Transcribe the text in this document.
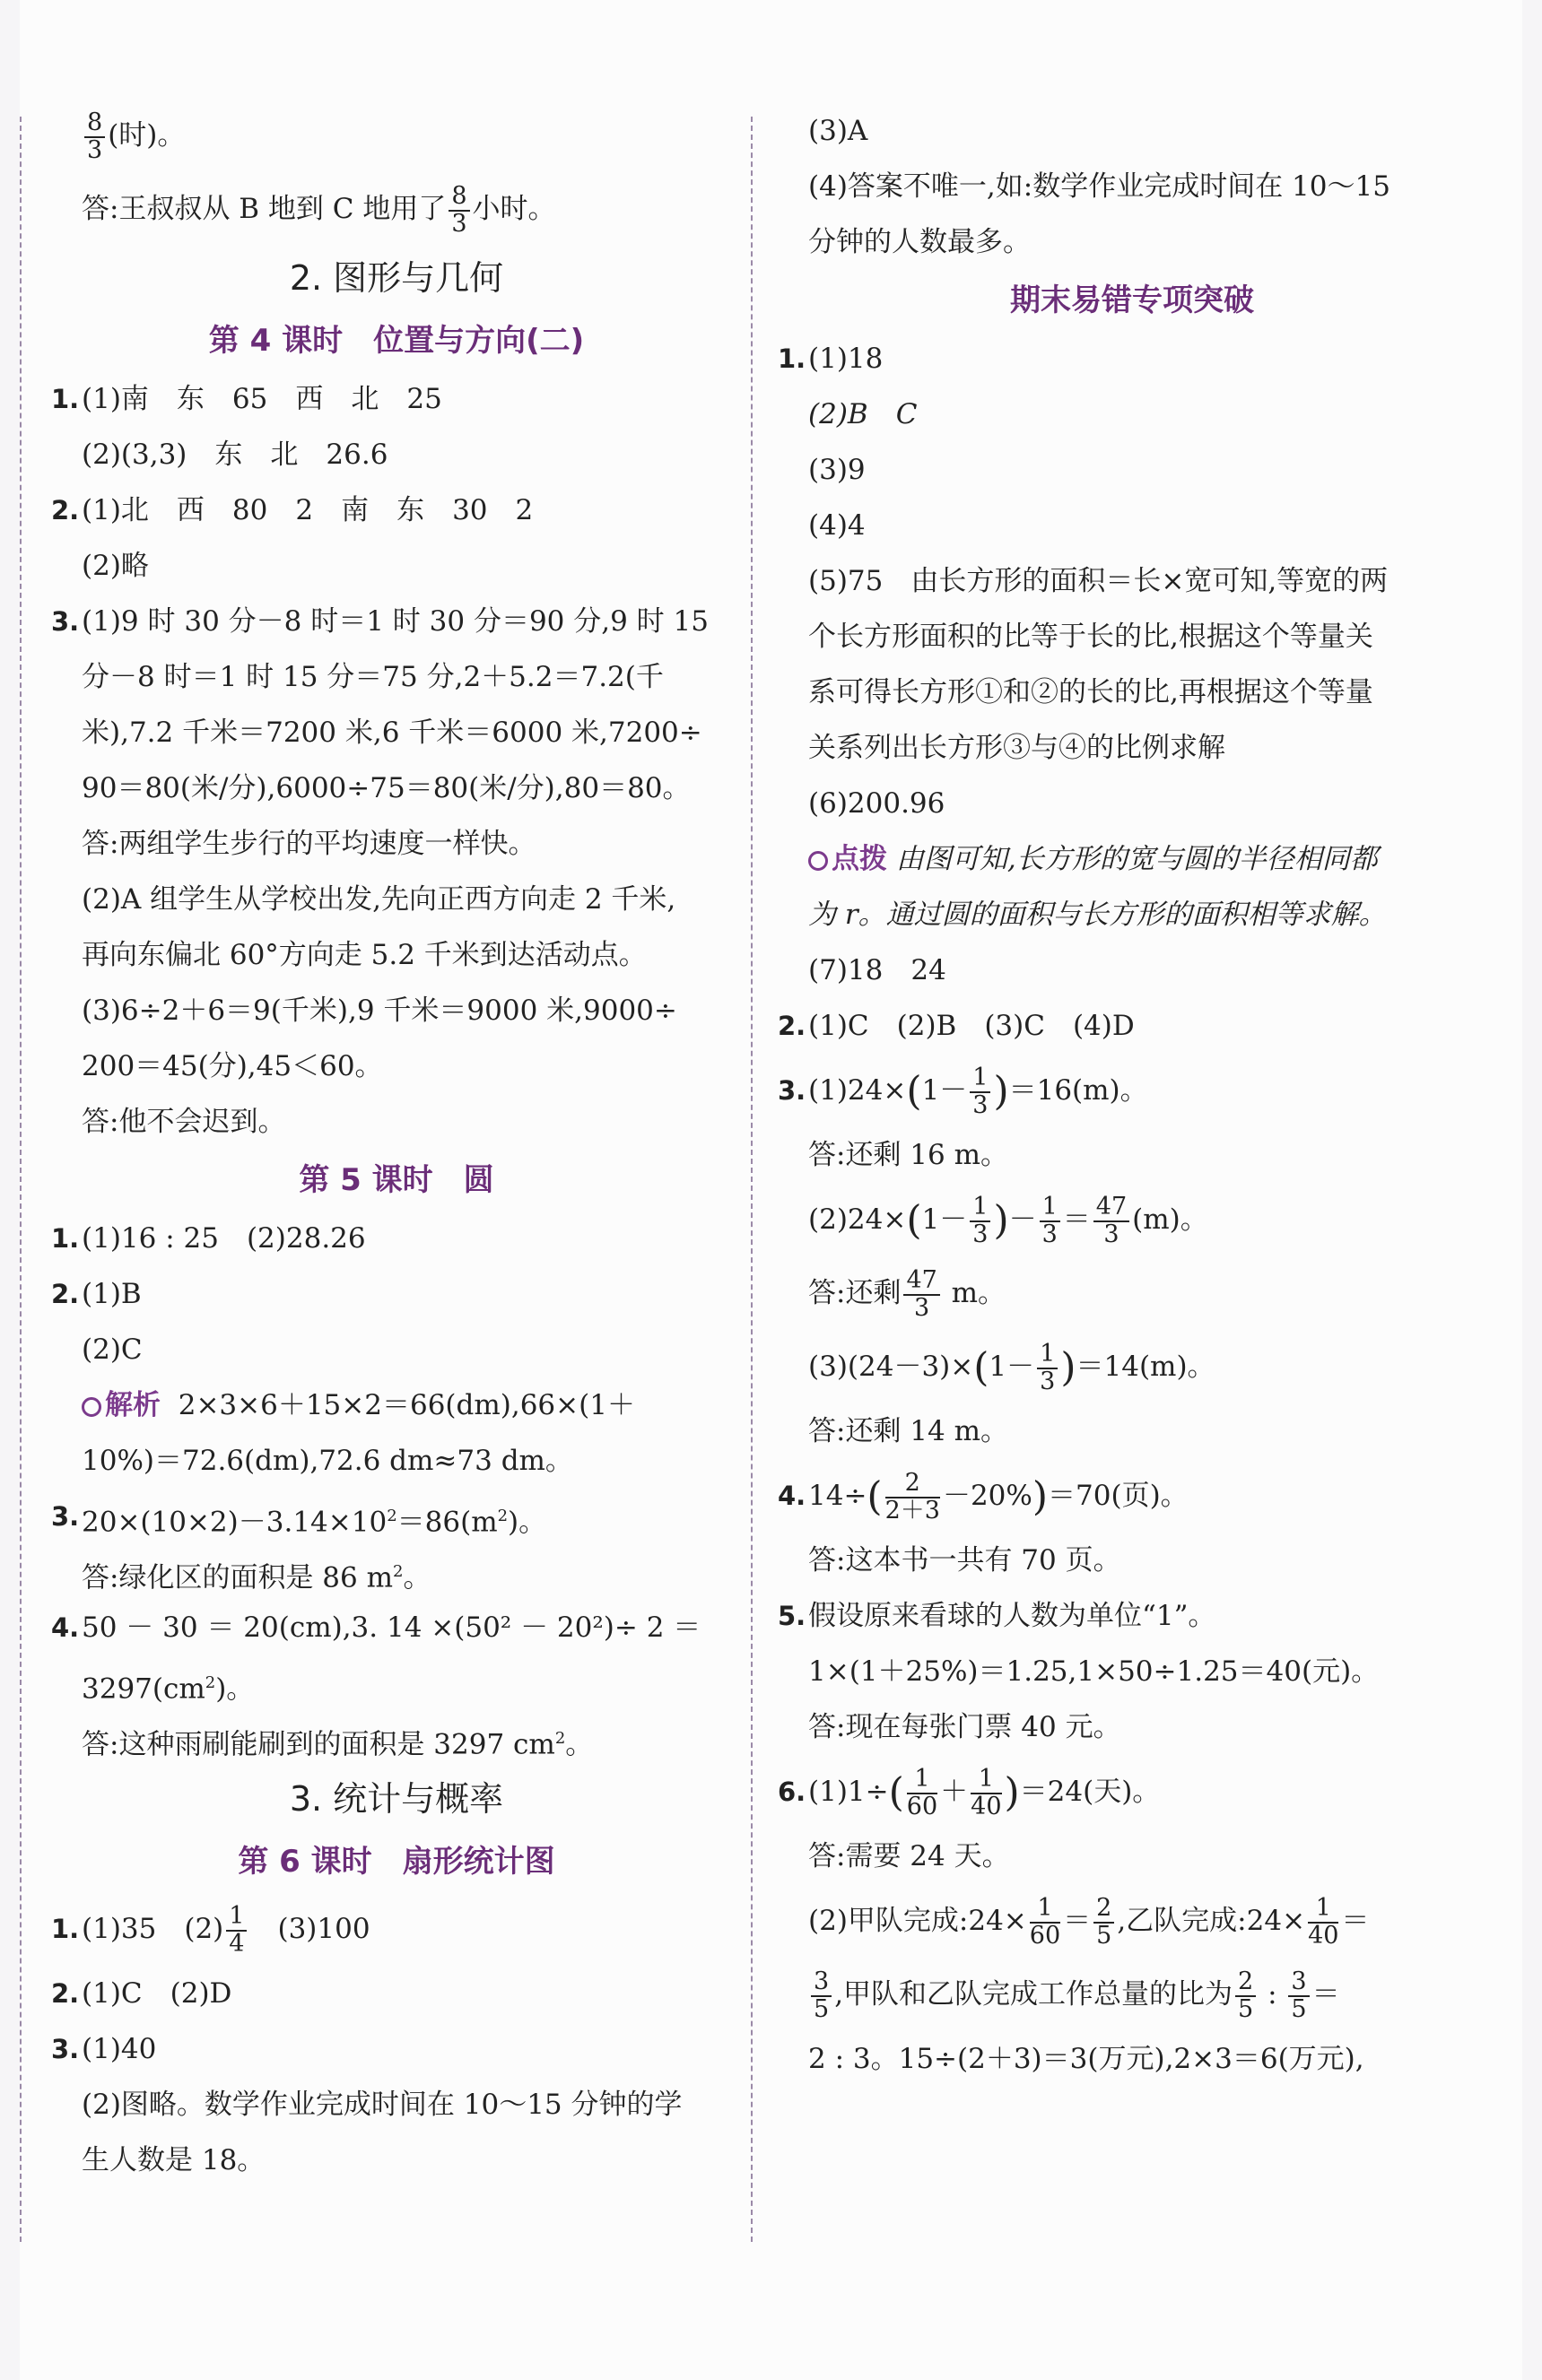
$\frac{8}{3}$ (时)。
答:王叔叔从 B 地到 C 地用了 $\frac{8}{3}$ 小时。
2. 图形与几何
第 4 课时　位置与方向(二)
1. (1)南　东　65　西　北　25
(2)(3,3)　东　北　26.6
2. (1)北　西　80　2　南　东　30　2
(2)略
3. (1)9 时 30 分－8 时＝1 时 30 分＝90 分,9 时 15
分－8 时＝1 时 15 分＝75 分,2＋5.2＝7.2(千
米),7.2 千米＝7200 米,6 千米＝6000 米,7200÷
90＝80(米/分),6000÷75＝80(米/分),80＝80。
答:两组学生步行的平均速度一样快。
(2)A 组学生从学校出发,先向正西方向走 2 千米,
再向东偏北 60°方向走 5.2 千米到达活动点。
(3)6÷2＋6＝9(千米),9 千米＝9000 米,9000÷
200＝45(分),45＜60。
答:他不会迟到。
第 5 课时　圆
1. (1)16 : 25　(2)28.26
2. (1)B
(2)C
解析 2×3×6＋15×2＝66(dm),66×(1＋
10%)＝72.6(dm),72.6 dm≈73 dm。
3. $20\times(10\times 2)-3.14\times 10^2=86(m^2)$。
答:绿化区的面积是 86 $m^2$。
4. 50 － 30 ＝ 20(cm),3. 14 ×(50² － 20²)÷ 2 ＝
$3297(cm^2)$。
答:这种雨刷能刷到的面积是 3297 $cm^2$。
3. 统计与概率
第 6 课时　扇形统计图
1. (1)35　$(2) \frac{1}{4}$ 　(3)100
2. (1)C　(2)D
3. (1)40
(2)图略。数学作业完成时间在 10～15 分钟的学
生人数是 18。
(3)A
(4)答案不唯一,如:数学作业完成时间在 10～15
分钟的人数最多。
期末易错专项突破
1. (1)18
(2)B　C
(3)9
(4)4
(5)75　由长方形的面积＝长×宽可知,等宽的两
个长方形面积的比等于长的比,根据这个等量关
系可得长方形①和②的长的比,再根据这个等量
关系列出长方形③与④的比例求解
(6)200.96
点拨 由图可知,长方形的宽与圆的半径相同都
为 r。通过圆的面积与长方形的面积相等求解。
(7)18　24
2. (1)C　(2)B　(3)C　(4)D
3. $(1)24\times(1- \frac{1}{3} )=16(m)$。
答:还剩 16 m。
$(2)24\times(1- \frac{1}{3}$ )－ $\frac{1}{3} = \frac{47}{3} (m)$。
答:还剩 $\frac{47}{3}$ m。
$(3)(24-3)\times(1- \frac{1}{3} )=14(m)$。
答:还剩 14 m。
4. $14\div( \frac{2}{2+3} -20\%)=70$(页)。
答:这本书一共有 70 页。
5. 假设原来看球的人数为单位“1”。
1×(1＋25%)＝1.25,1×50÷1.25＝40(元)。
答:现在每张门票 40 元。
6. $(1)1\div( \frac{1}{60} + \frac{1}{40} )=24$(天)。
答:需要 24 天。
(2)甲队完成:24× $\frac{1}{60} = \frac{2}{5}$ ,乙队完成:24× $\frac{1}{40}$ ＝
$\frac{3}{5}$ ,甲队和乙队完成工作总量的比为 $\frac{2}{5}$ : $\frac{3}{5}$ ＝
2 : 3。15÷(2＋3)＝3(万元),2×3＝6(万元),
